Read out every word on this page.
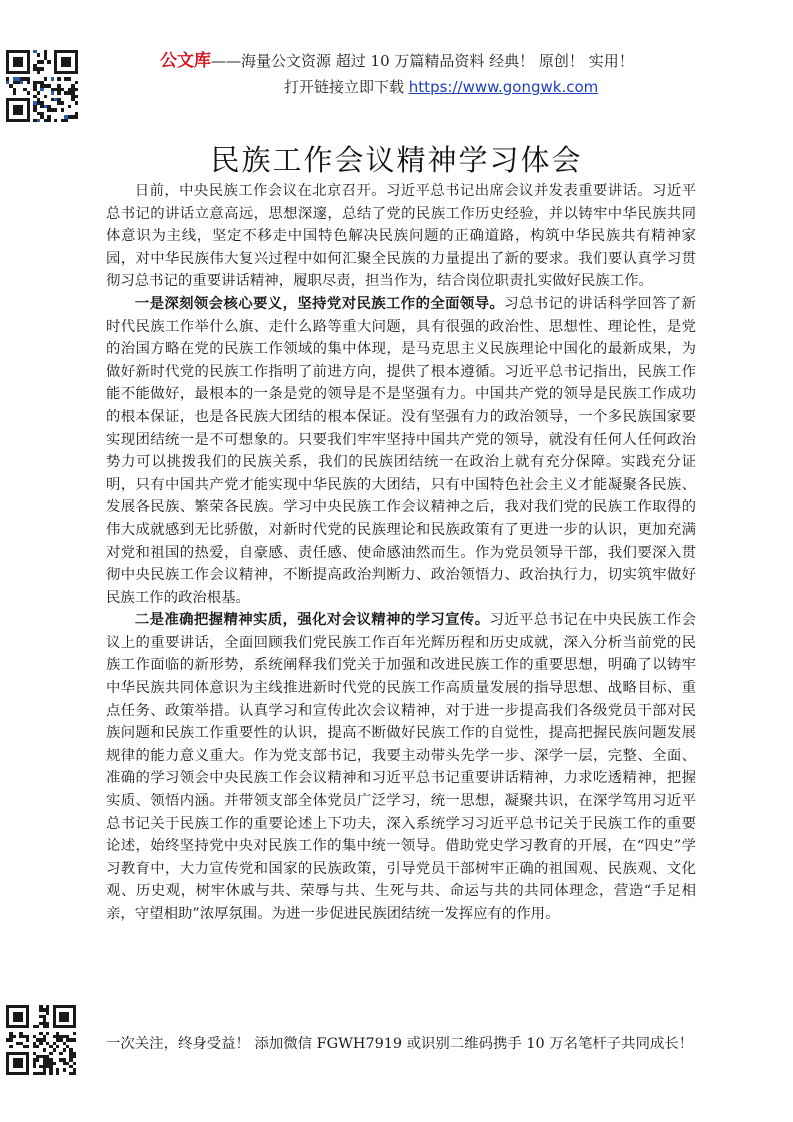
公文库——海量公文资源 超过 10 万篇精品资料 经典！ 原创！ 实用！
打开链接立即下载 https://www.gongwk.com
民族工作会议精神学习体会

日前，中央民族工作会议在北京召开。习近平总书记出席会议并发表重要讲话。习近平总书记的讲话立意高远，思想深邃，总结了党的民族工作历史经验，并以铸牢中华民族共同体意识为主线，坚定不移走中国特色解决民族问题的正确道路，构筑中华民族共有精神家园，对中华民族伟大复兴过程中如何汇聚全民族的力量提出了新的要求。我们要认真学习贯彻习总书记的重要讲话精神，履职尽责，担当作为，结合岗位职责扎实做好民族工作。

一是深刻领会核心要义，坚持党对民族工作的全面领导。习总书记的讲话科学回答了新时代民族工作举什么旗、走什么路等重大问题，具有很强的政治性、思想性、理论性，是党的治国方略在党的民族工作领域的集中体现，是马克思主义民族理论中国化的最新成果，为做好新时代党的民族工作指明了前进方向，提供了根本遵循。习近平总书记指出，民族工作能不能做好，最根本的一条是党的领导是不是坚强有力。中国共产党的领导是民族工作成功的根本保证，也是各民族大团结的根本保证。没有坚强有力的政治领导，一个多民族国家要实现团结统一是不可想象的。只要我们牢牢坚持中国共产党的领导，就没有任何人任何政治势力可以挑拨我们的民族关系，我们的民族团结统一在政治上就有充分保障。实践充分证明，只有中国共产党才能实现中华民族的大团结，只有中国特色社会主义才能凝聚各民族、发展各民族、繁荣各民族。学习中央民族工作会议精神之后，我对我们党的民族工作取得的伟大成就感到无比骄傲，对新时代党的民族理论和民族政策有了更进一步的认识，更加充满对党和祖国的热爱，自豪感、责任感、使命感油然而生。作为党员领导干部，我们要深入贯彻中央民族工作会议精神，不断提高政治判断力、政治领悟力、政治执行力，切实筑牢做好民族工作的政治根基。

二是准确把握精神实质，强化对会议精神的学习宣传。习近平总书记在中央民族工作会议上的重要讲话，全面回顾我们党民族工作百年光辉历程和历史成就，深入分析当前党的民族工作面临的新形势，系统阐释我们党关于加强和改进民族工作的重要思想，明确了以铸牢中华民族共同体意识为主线推进新时代党的民族工作高质量发展的指导思想、战略目标、重点任务、政策举措。认真学习和宣传此次会议精神，对于进一步提高我们各级党员干部对民族问题和民族工作重要性的认识，提高不断做好民族工作的自觉性，提高把握民族问题发展规律的能力意义重大。作为党支部书记，我要主动带头先学一步、深学一层，完整、全面、准确的学习领会中央民族工作会议精神和习近平总书记重要讲话精神，力求吃透精神，把握实质、领悟内涵。并带领支部全体党员广泛学习，统一思想，凝聚共识，在深学笃用习近平总书记关于民族工作的重要论述上下功夫，深入系统学习习近平总书记关于民族工作的重要论述，始终坚持党中央对民族工作的集中统一领导。借助党史学习教育的开展，在“四史”学习教育中，大力宣传党和国家的民族政策，引导党员干部树牢正确的祖国观、民族观、文化观、历史观，树牢休戚与共、荣辱与共、生死与共、命运与共的共同体理念，营造“手足相亲，守望相助”浓厚氛围。为进一步促进民族团结统一发挥应有的作用。

一次关注，终身受益！ 添加微信 FGWH7919 或识别二维码携手 10 万名笔杆子共同成长！
